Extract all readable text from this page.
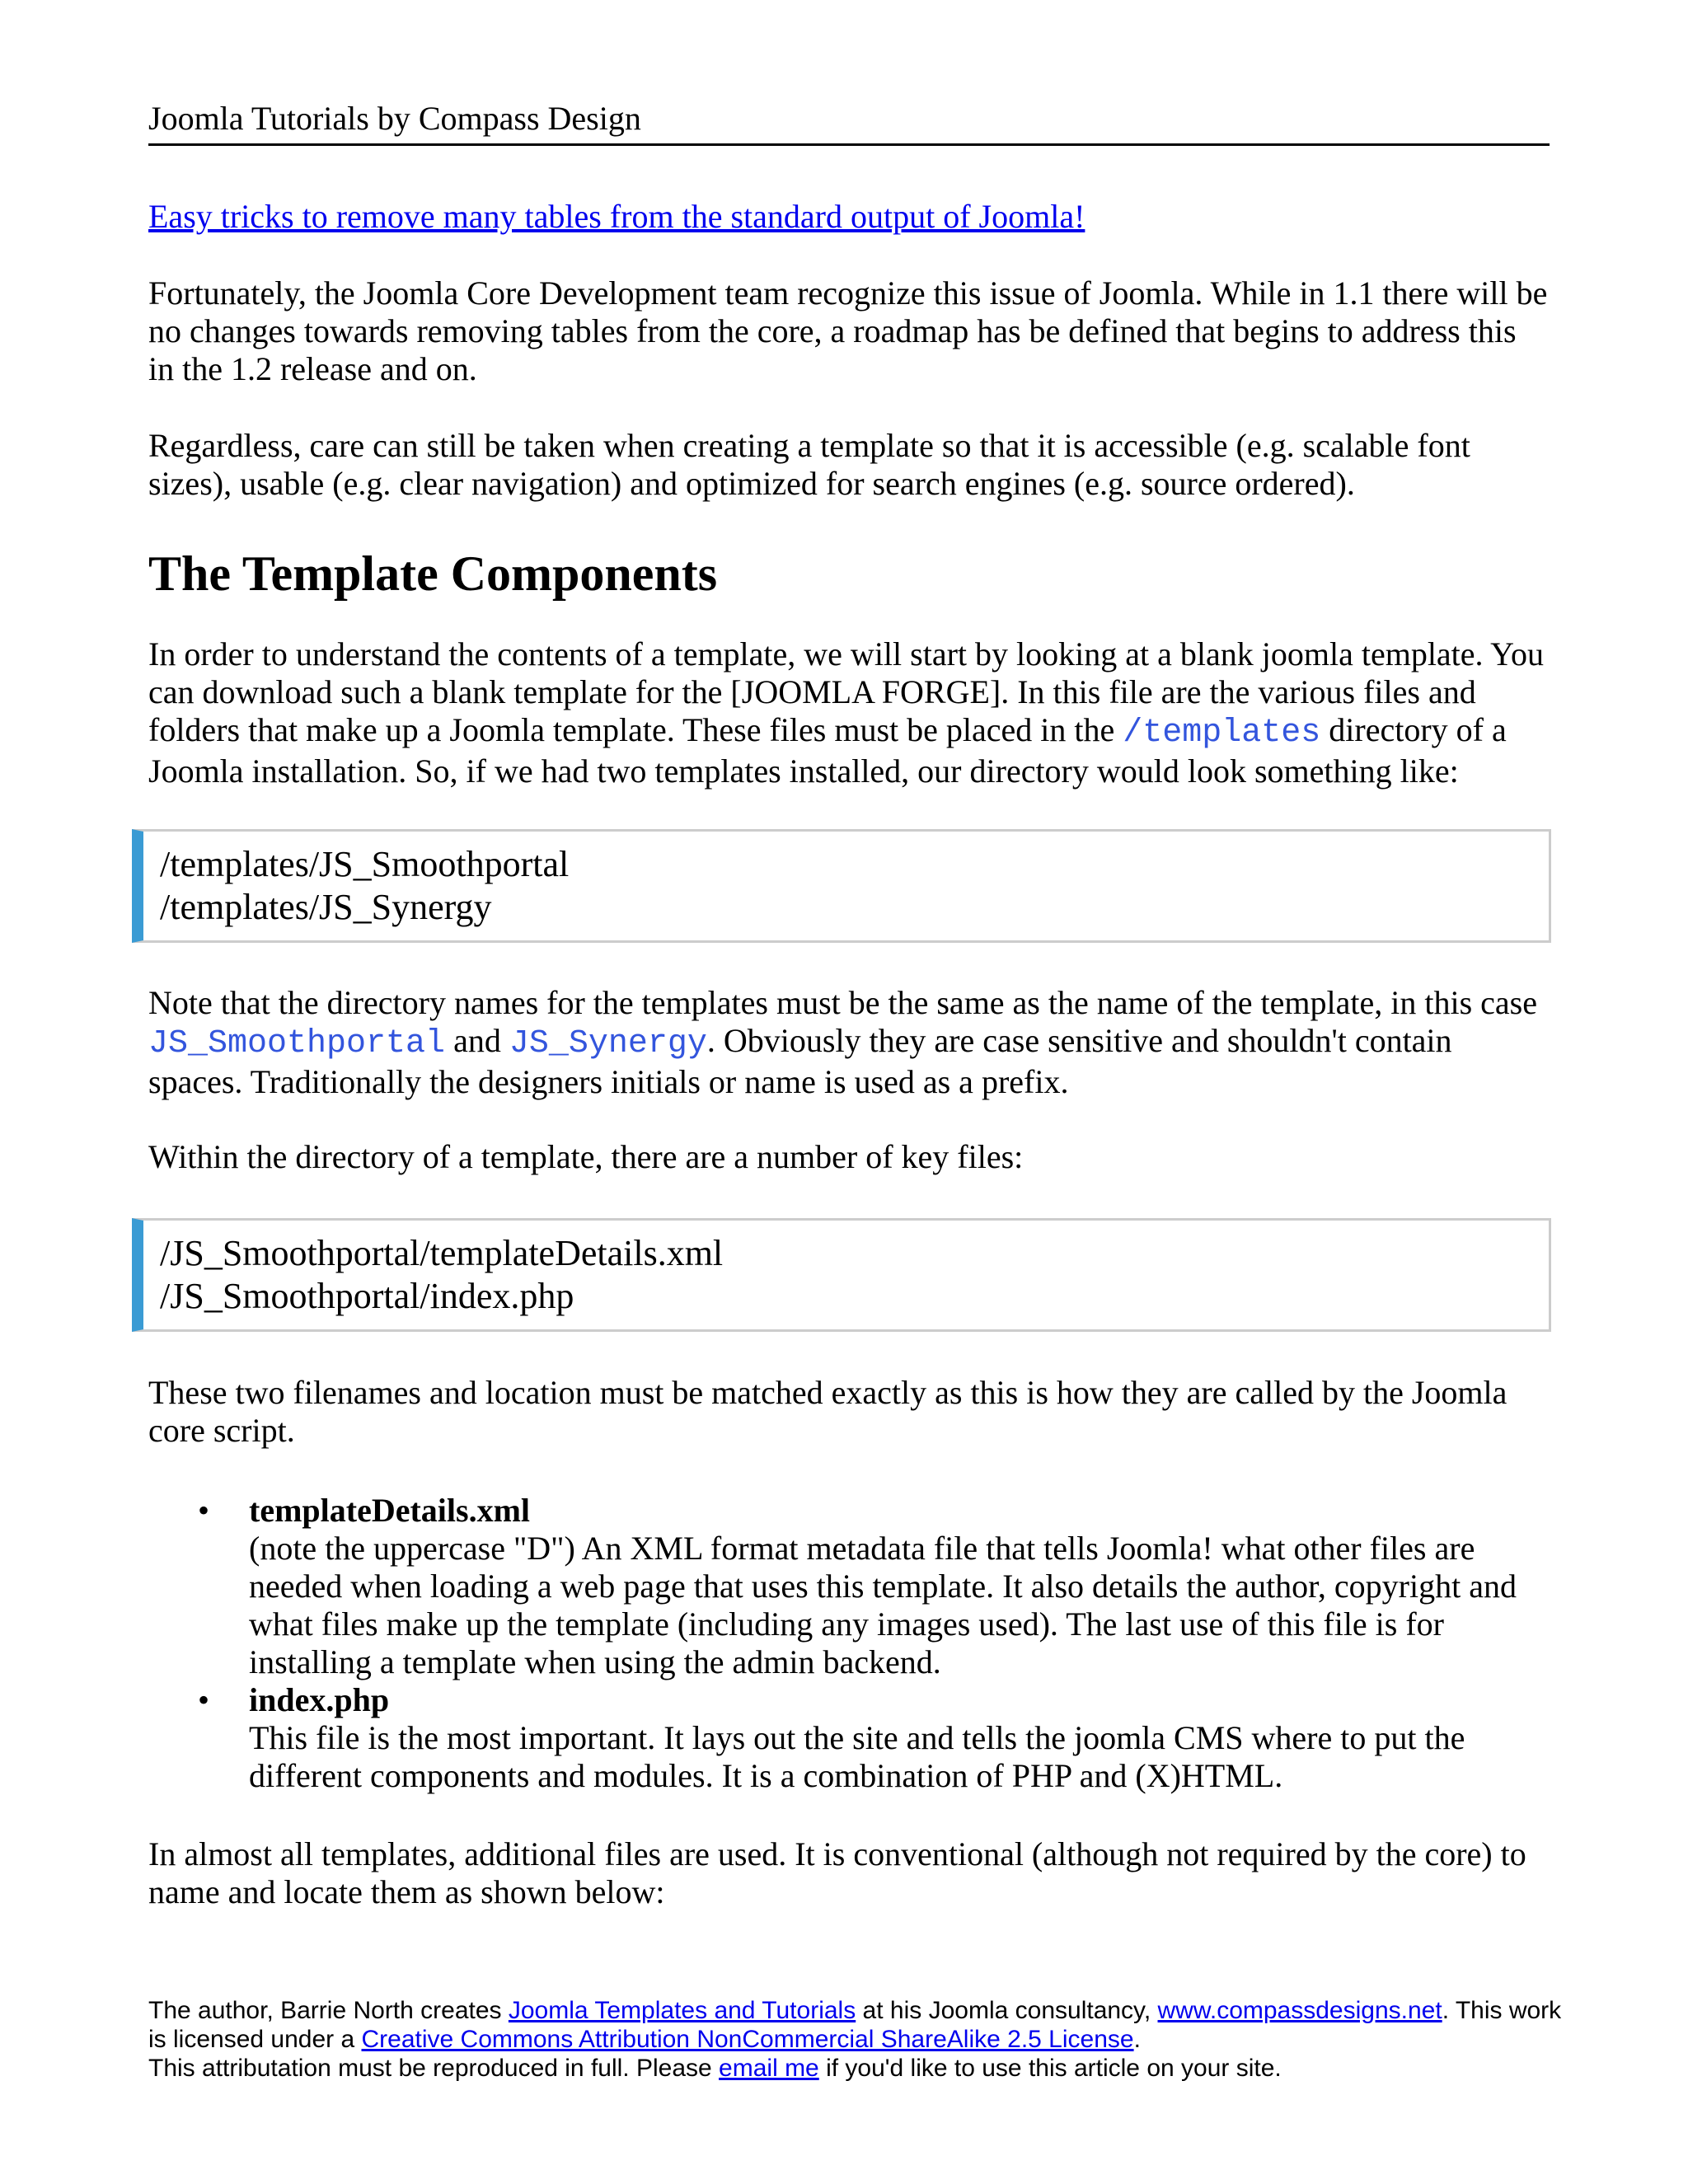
Joomla Tutorials by Compass Design

Easy tricks to remove many tables from the standard output of Joomla!

Fortunately, the Joomla Core Development team recognize this issue of Joomla. While in 1.1 there will be no changes towards removing tables from the core, a roadmap has be defined that begins to address this in the 1.2 release and on.

Regardless, care can still be taken when creating a template so that it is accessible (e.g. scalable font sizes), usable (e.g. clear navigation) and optimized for search engines (e.g. source ordered).

The Template Components

In order to understand the contents of a template, we will start by looking at a blank joomla template. You can download such a blank template for the [JOOMLA FORGE]. In this file are the various files and folders that make up a Joomla template. These files must be placed in the /templates directory of a Joomla installation. So, if we had two templates installed, our directory would look something like:

/templates/JS_Smoothportal
/templates/JS_Synergy

Note that the directory names for the templates must be the same as the name of the template, in this case JS_Smoothportal and JS_Synergy. Obviously they are case sensitive and shouldn't contain spaces. Traditionally the designers initials or name is used as a prefix.

Within the directory of a template, there are a number of key files:

/JS_Smoothportal/templateDetails.xml
/JS_Smoothportal/index.php

These two filenames and location must be matched exactly as this is how they are called by the Joomla core script.

• templateDetails.xml
(note the uppercase "D") An XML format metadata file that tells Joomla! what other files are needed when loading a web page that uses this template. It also details the author, copyright and what files make up the template (including any images used). The last use of this file is for installing a template when using the admin backend.
• index.php
This file is the most important. It lays out the site and tells the joomla CMS where to put the different components and modules. It is a combination of PHP and (X)HTML.

In almost all templates, additional files are used. It is conventional (although not required by the core) to name and locate them as shown below:

The author, Barrie North creates Joomla Templates and Tutorials at his Joomla consultancy, www.compassdesigns.net. This work is licensed under a Creative Commons Attribution NonCommercial ShareAlike 2.5 License.
This attributation must be reproduced in full. Please email me if you'd like to use this article on your site.
